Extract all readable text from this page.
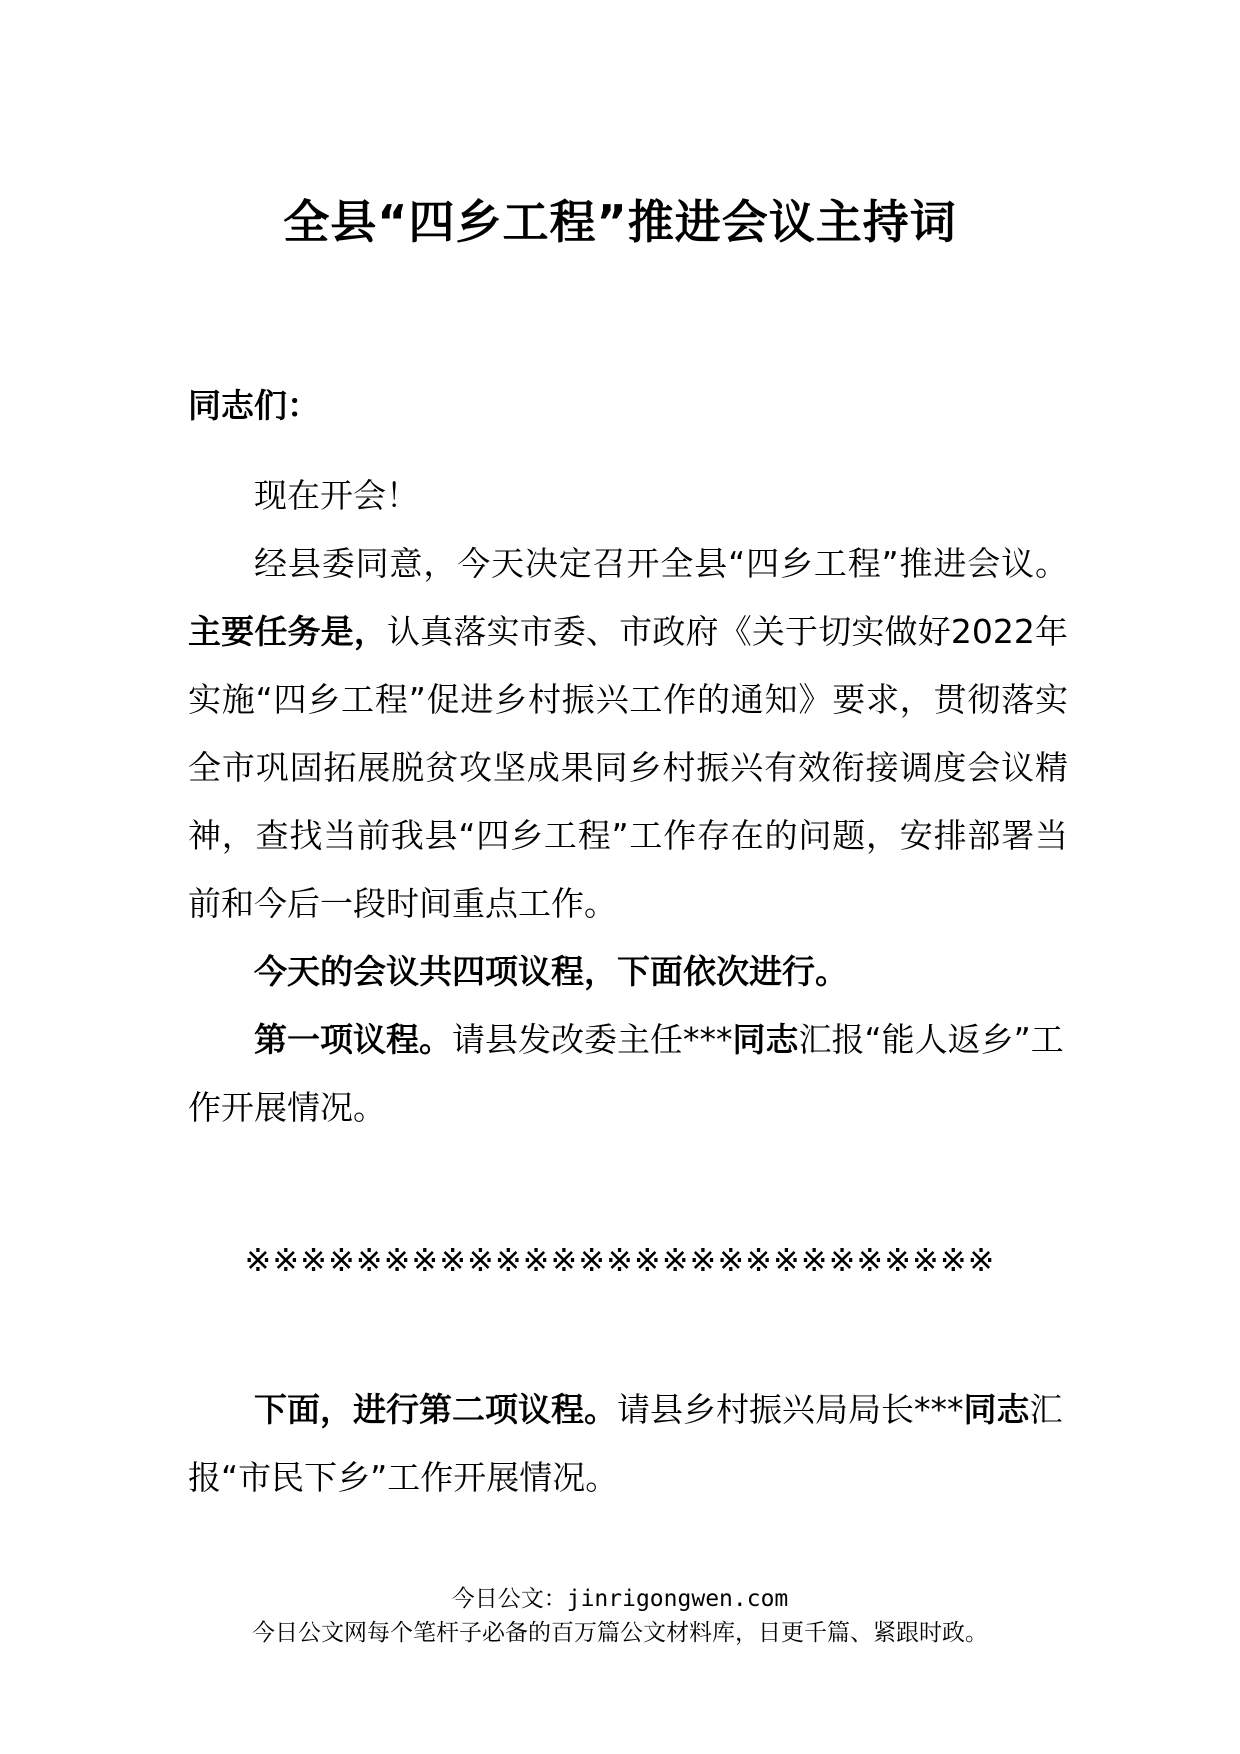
全县“四乡工程”推进会议主持词
同志们：

现在开会！

经县委同意，今天决定召开全县“四乡工程”推进会议。主要任务是，认真落实市委、市政府《关于切实做好2022年实施“四乡工程”促进乡村振兴工作的通知》要求，贯彻落实全市巩固拓展脱贫攻坚成果同乡村振兴有效衔接调度会议精神，查找当前我县“四乡工程”工作存在的问题，安排部署当前和今后一段时间重点工作。

今天的会议共四项议程，下面依次进行。

第一项议程。请县发改委主任***同志汇报“能人返乡”工作开展情况。

※※※※※※※※※※※※※※※※※※※※※※※※※※※

下面，进行第二项议程。请县乡村振兴局局长***同志汇报“市民下乡”工作开展情况。

今日公文：jinrigongwen.com
今日公文网每个笔杆子必备的百万篇公文材料库，日更千篇、紧跟时政。
